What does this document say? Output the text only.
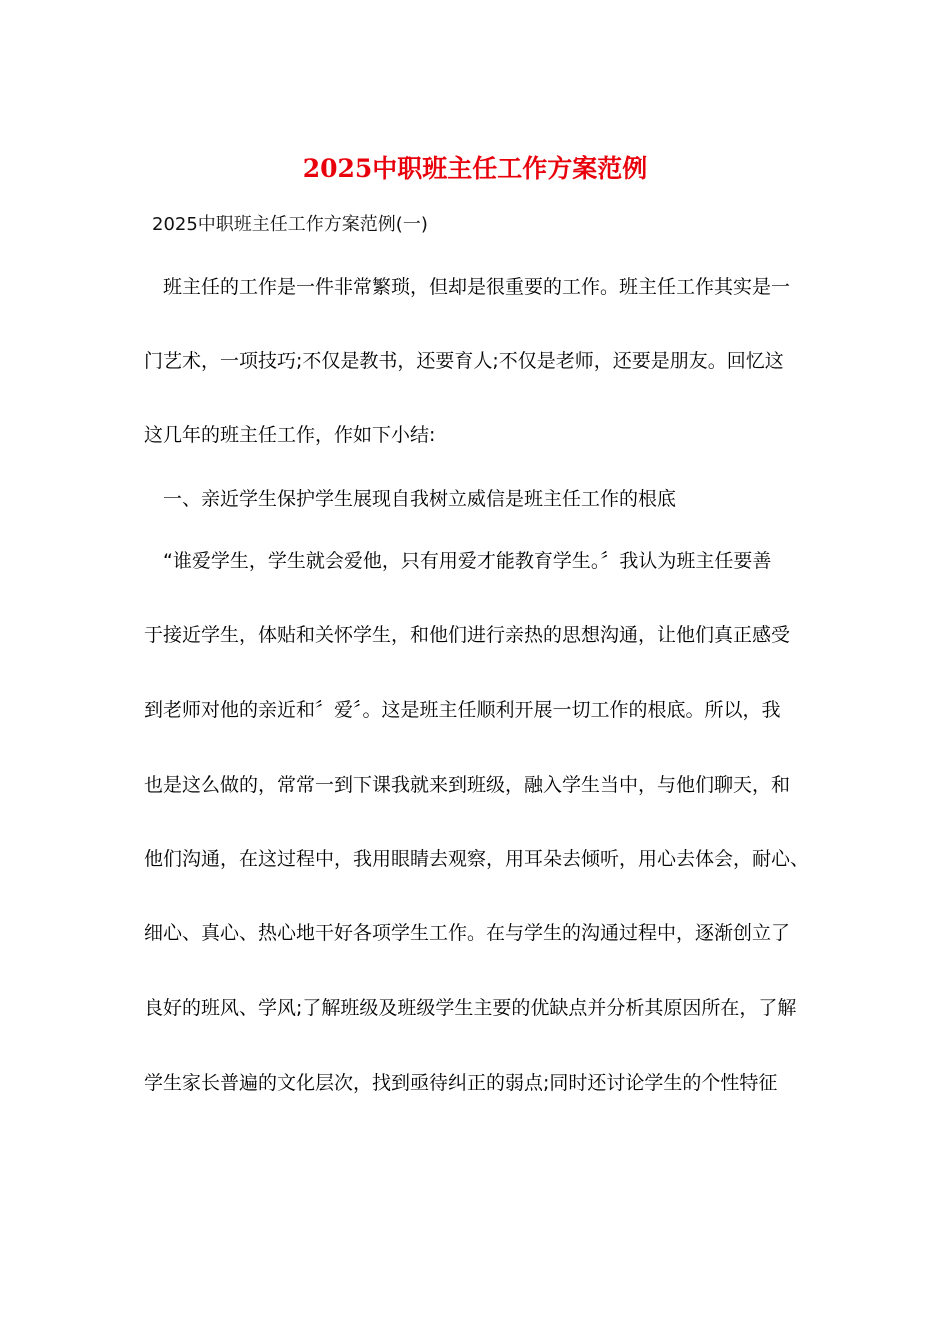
2025中职班主任工作方案范例

2025中职班主任工作方案范例(一)

　班主任的工作是一件非常繁琐，但却是很重要的工作。班主任工作其实是一

门艺术，一项技巧;不仅是教书，还要育人;不仅是老师，还要是朋友。回忆这

这几年的班主任工作，作如下小结:

　一、亲近学生保护学生展现自我树立威信是班主任工作的根底

　“谁爱学生，学生就会爱他，只有用爱才能教育学生。〞我认为班主任要善

于接近学生，体贴和关怀学生，和他们进行亲热的思想沟通，让他们真正感受

到老师对他的亲近和〞爱〞。这是班主任顺利开展一切工作的根底。所以，我

也是这么做的，常常一到下课我就来到班级，融入学生当中，与他们聊天，和

他们沟通，在这过程中，我用眼睛去观察，用耳朵去倾听，用心去体会，耐心、

细心、真心、热心地干好各项学生工作。在与学生的沟通过程中，逐渐创立了

良好的班风、学风;了解班级及班级学生主要的优缺点并分析其原因所在，了解

学生家长普遍的文化层次，找到亟待纠正的弱点;同时还讨论学生的个性特征
